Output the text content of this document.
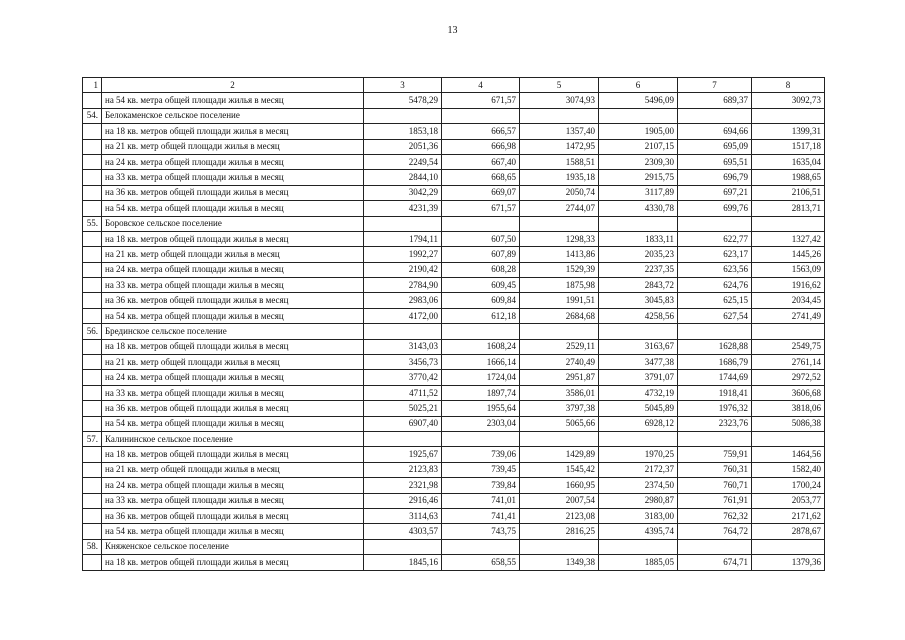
13
1	2	3	4	5	6	7	8
	на 54 кв. метра общей площади жилья в месяц	5478,29	671,57	3074,93	5496,09	689,37	3092,73
54.	Белокаменское сельское поселение						
	на 18 кв. метров общей площади жилья в месяц	1853,18	666,57	1357,40	1905,00	694,66	1399,31
	на 21 кв. метр общей площади жилья в месяц	2051,36	666,98	1472,95	2107,15	695,09	1517,18
	на 24 кв. метра общей площади жилья в месяц	2249,54	667,40	1588,51	2309,30	695,51	1635,04
	на 33 кв. метра общей площади жилья в месяц	2844,10	668,65	1935,18	2915,75	696,79	1988,65
	на 36 кв. метров общей площади жилья в месяц	3042,29	669,07	2050,74	3117,89	697,21	2106,51
	на 54 кв. метра общей площади жилья в месяц	4231,39	671,57	2744,07	4330,78	699,76	2813,71
55.	Боровское сельское поселение						
	на 18 кв. метров общей площади жилья в месяц	1794,11	607,50	1298,33	1833,11	622,77	1327,42
	на 21 кв. метр общей площади жилья в месяц	1992,27	607,89	1413,86	2035,23	623,17	1445,26
	на 24 кв. метра общей площади жилья в месяц	2190,42	608,28	1529,39	2237,35	623,56	1563,09
	на 33 кв. метра общей площади жилья в месяц	2784,90	609,45	1875,98	2843,72	624,76	1916,62
	на 36 кв. метров общей площади жилья в месяц	2983,06	609,84	1991,51	3045,83	625,15	2034,45
	на 54 кв. метра общей площади жилья в месяц	4172,00	612,18	2684,68	4258,56	627,54	2741,49
56.	Брединское сельское поселение						
	на 18 кв. метров общей площади жилья в месяц	3143,03	1608,24	2529,11	3163,67	1628,88	2549,75
	на 21 кв. метр общей площади жилья в месяц	3456,73	1666,14	2740,49	3477,38	1686,79	2761,14
	на 24 кв. метра общей площади жилья в месяц	3770,42	1724,04	2951,87	3791,07	1744,69	2972,52
	на 33 кв. метра общей площади жилья в месяц	4711,52	1897,74	3586,01	4732,19	1918,41	3606,68
	на 36 кв. метров общей площади жилья в месяц	5025,21	1955,64	3797,38	5045,89	1976,32	3818,06
	на 54 кв. метра общей площади жилья в месяц	6907,40	2303,04	5065,66	6928,12	2323,76	5086,38
57.	Калининское сельское поселение						
	на 18 кв. метров общей площади жилья в месяц	1925,67	739,06	1429,89	1970,25	759,91	1464,56
	на 21 кв. метр общей площади жилья в месяц	2123,83	739,45	1545,42	2172,37	760,31	1582,40
	на 24 кв. метра общей площади жилья в месяц	2321,98	739,84	1660,95	2374,50	760,71	1700,24
	на 33 кв. метра общей площади жилья в месяц	2916,46	741,01	2007,54	2980,87	761,91	2053,77
	на 36 кв. метров общей площади жилья в месяц	3114,63	741,41	2123,08	3183,00	762,32	2171,62
	на 54 кв. метра общей площади жилья в месяц	4303,57	743,75	2816,25	4395,74	764,72	2878,67
58.	Княженское сельское поселение						
	на 18 кв. метров общей площади жилья в месяц	1845,16	658,55	1349,38	1885,05	674,71	1379,36
